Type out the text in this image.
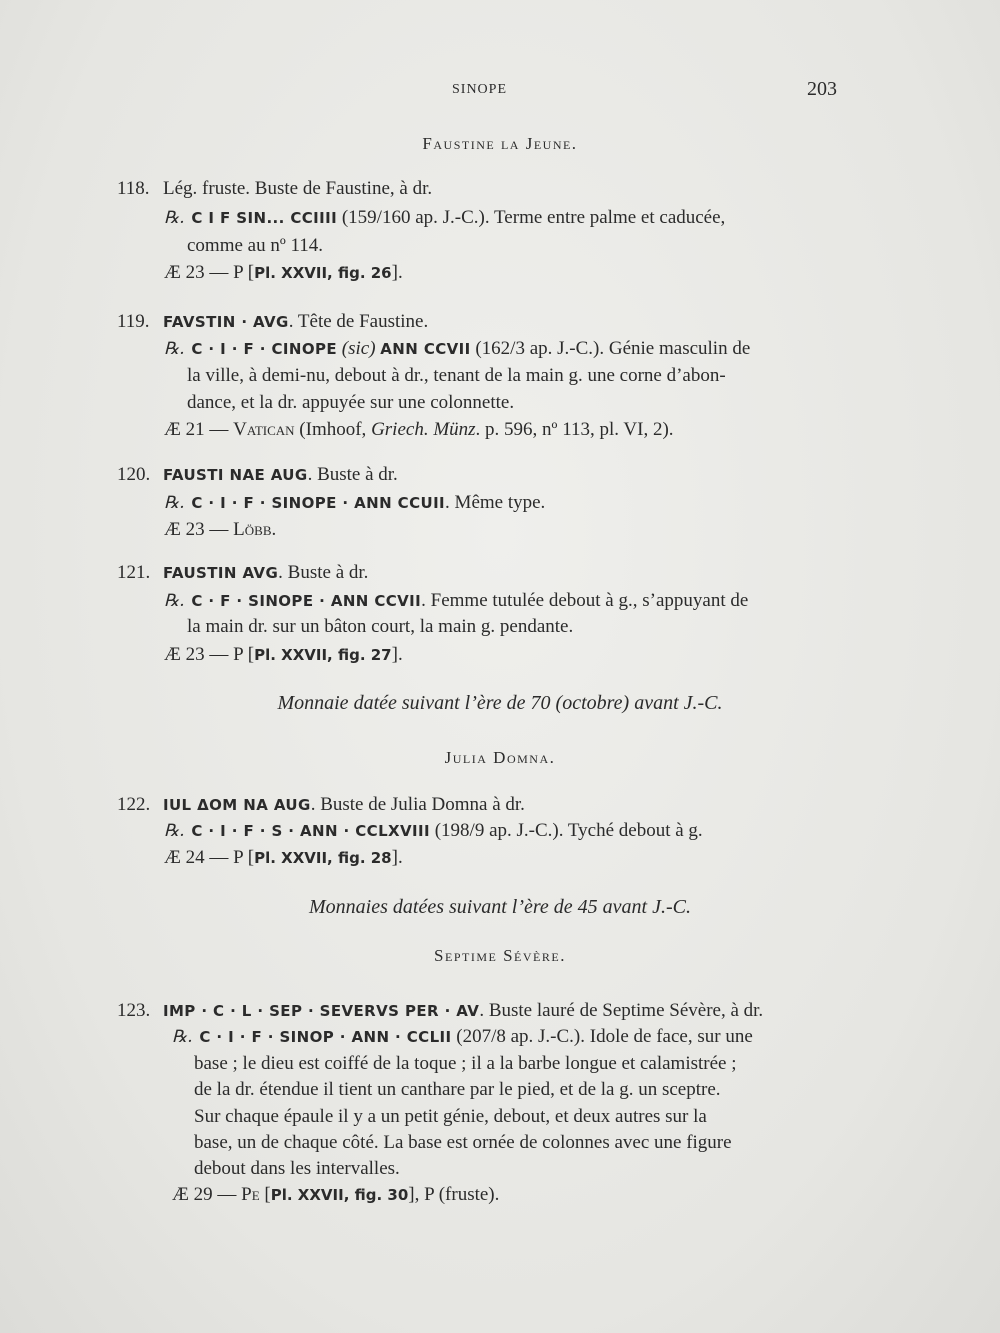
SINOPE	203
Faustine la Jeune.
118. Lég. fruste. Buste de Faustine, à dr.
℞. C I F SIN... CCIIII (159/160 ap. J.-C.). Terme entre palme et caducée,
comme au nº 114.
Æ 23 — P [Pl. XXVII, fig. 26].
119. FAVSTIN · AVG. Tête de Faustine.
℞. C · I · F · CINOPE (sic) ANN CCVII (162/3 ap. J.-C.). Génie masculin de
la ville, à demi-nu, debout à dr., tenant de la main g. une corne d’abon-
dance, et la dr. appuyée sur une colonnette.
Æ 21 — Vatican (Imhoof, Griech. Münz. p. 596, nº 113, pl. VI, 2).
120. FAUSTI NAE AUG. Buste à dr.
℞. C · I · F · SINOPE · ANN CCUII. Même type.
Æ 23 — Löbb.
121. FAUSTIN AVG. Buste à dr.
℞. C · F · SINOPE · ANN CCVII. Femme tutulée debout à g., s’appuyant de
la main dr. sur un bâton court, la main g. pendante.
Æ 23 — P [Pl. XXVII, fig. 27].
Monnaie datée suivant l’ère de 70 (octobre) avant J.-C.
Julia Domna.
122. IUL ΔOM NA AUG. Buste de Julia Domna à dr.
℞. C · I · F · S · ANN · CCLXVIII (198/9 ap. J.-C.). Tyché debout à g.
Æ 24 — P [Pl. XXVII, fig. 28].
Monnaies datées suivant l’ère de 45 avant J.-C.
Septime Sévère.
123. IMP · C · L · SEP · SEVERVS PER · AV. Buste lauré de Septime Sévère, à dr.
℞. C · I · F · SINOP · ANN · CCLII (207/8 ap. J.-C.). Idole de face, sur une
base ; le dieu est coiffé de la toque ; il a la barbe longue et calamistrée ;
de la dr. étendue il tient un canthare par le pied, et de la g. un sceptre.
Sur chaque épaule il y a un petit génie, debout, et deux autres sur la
base, un de chaque côté. La base est ornée de colonnes avec une figure
debout dans les intervalles.
Æ 29 — Pe [Pl. XXVII, fig. 30], P (fruste).
